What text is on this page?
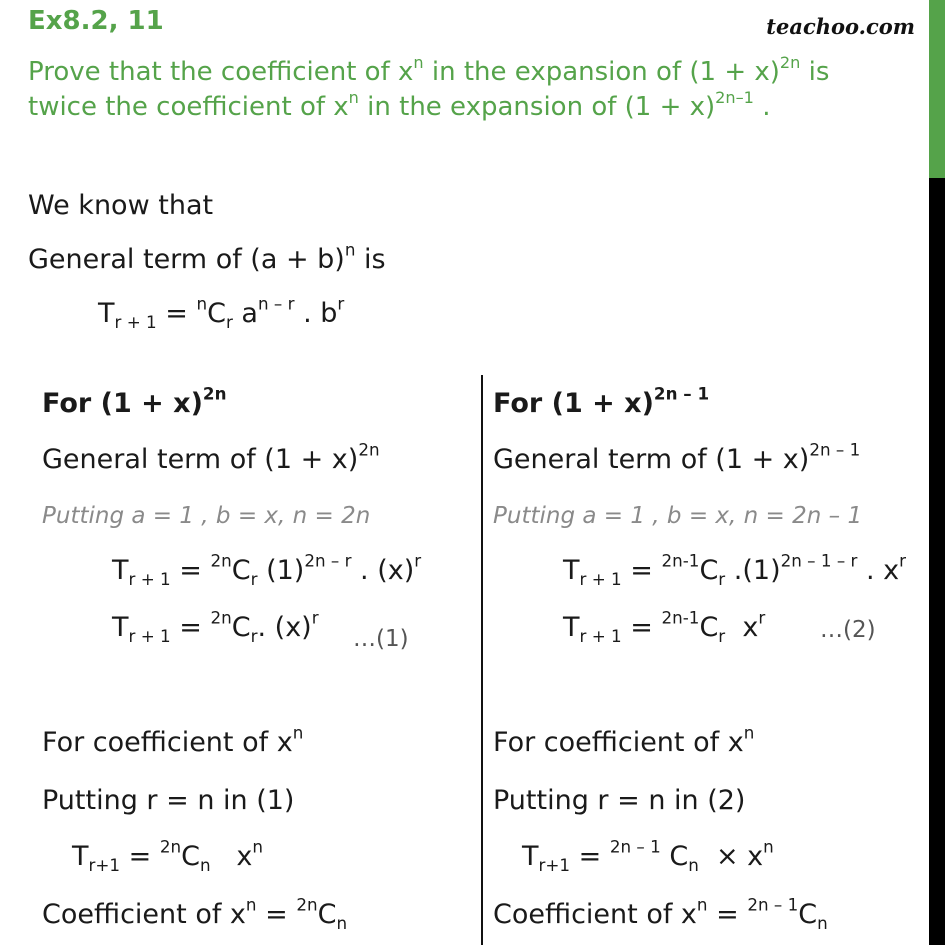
Ex8.2, 11	teachoo.com
Prove that the coefficient of $x^n$ in the expansion of $(1 + x)^{2n}$ is
twice the coefficient of $x^n$ in the expansion of $(1 + x)^{2n-1}$ .
We know that
General term of $(a + b)^n$ is
$T_{r + 1} = ^nC_r$ $a^{n - r}$ . $b^r$
For $(1 + x)^{2n}$
General term of $(1 + x)^{2n}$
Putting a = 1 , b = x, n = 2n
$T_{r + 1} = ^{2n}C_r$ $(1)^{2n - r}$ . $(x)^r$
$T_{r + 1} = ^{2n}C_r$. $(x)^r$
…(1)
For coefficient of $x^n$
Putting r = n in (1)
$T_{r+1} = ^{2n}C_n$   $x^n$
Coefficient of $x^n = ^{2n}C_n$
For $(1 + x)^{2n - 1}$
General term of $(1 + x)^{2n - 1}$
Putting a = 1 , b = x, n = 2n – 1
$T_{r + 1} = ^{2n-1}C_r$ $.(1)^{2n - 1 - r}$ . $x^r$
$T_{r + 1} = ^{2n-1}C_r$  $x^r$ …(2)
For coefficient of $x^n$
Putting r = n in (2)
$T_{r+1} = ^{2n - 1}$ $C_n \times x^n$
Coefficient of $x^n = ^{2n - 1}C_n$
